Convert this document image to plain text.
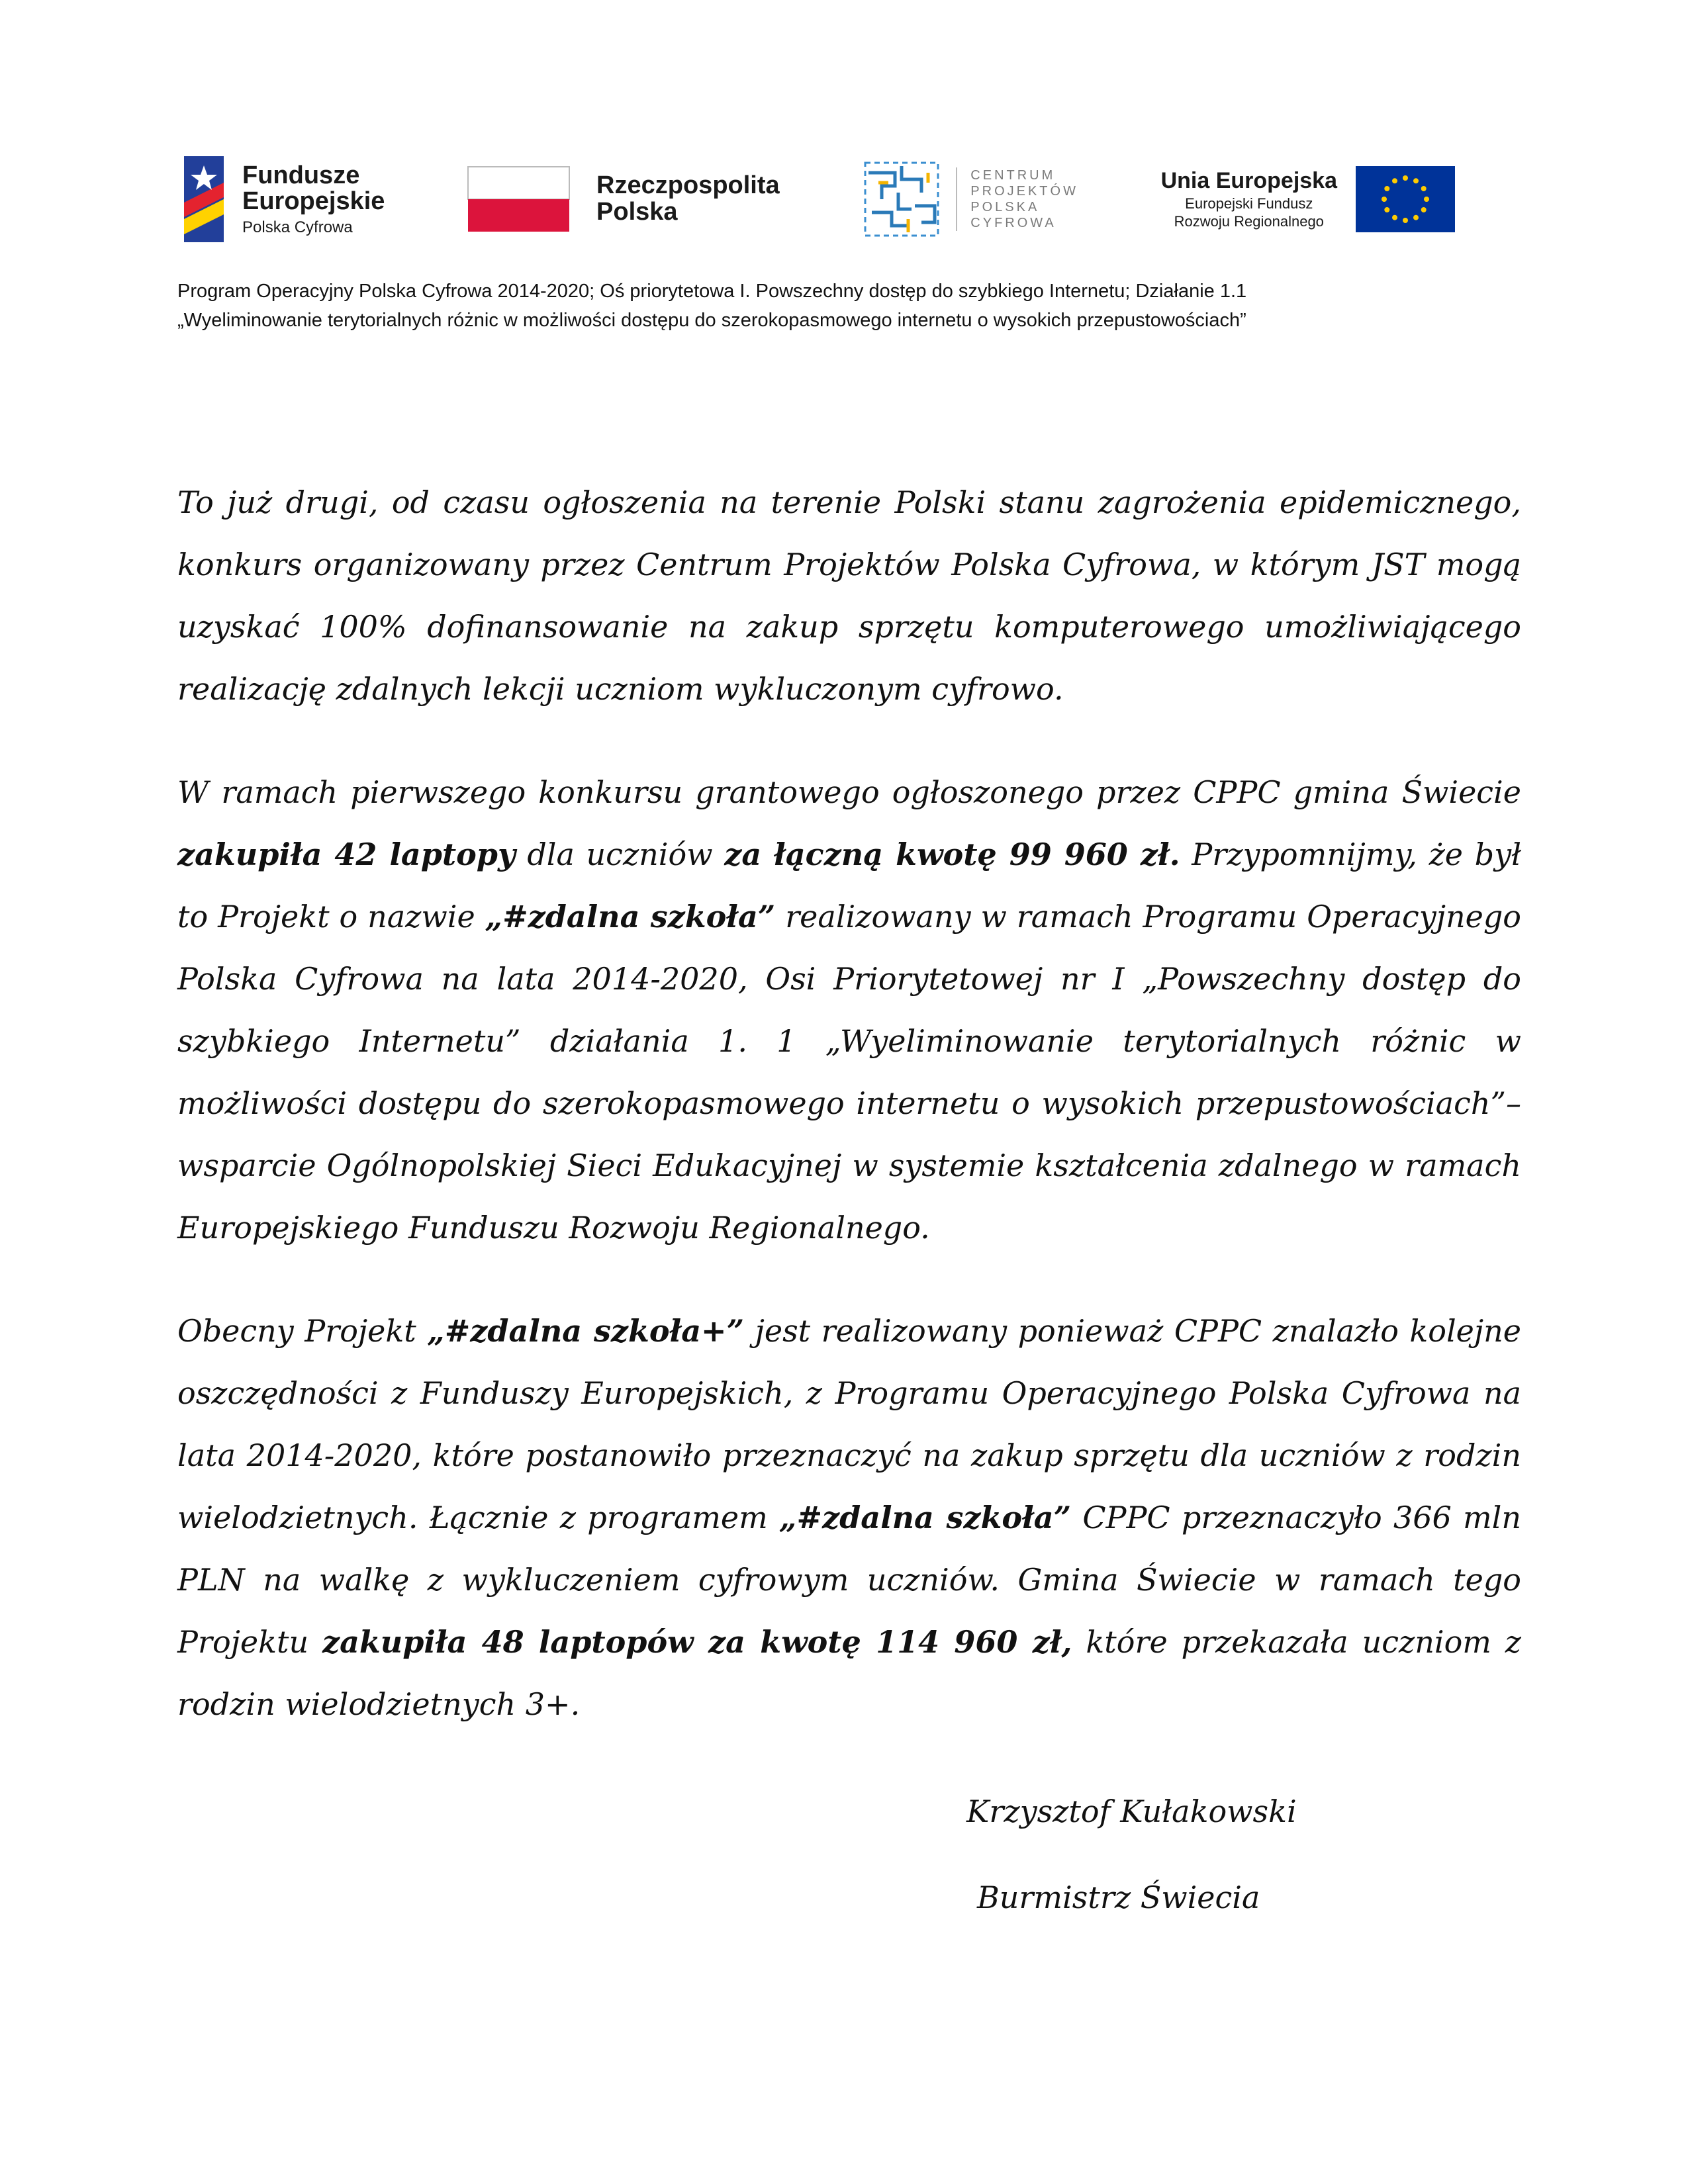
Fundusze
Europejskie
Polska Cyfrowa
Rzeczpospolita
Polska
CENTRUM
PROJEKTÓW
POLSKA
CYFROWA
Unia Europejska
Europejski Fundusz
Rozwoju Regionalnego
Program Operacyjny Polska Cyfrowa 2014-2020; Oś priorytetowa I. Powszechny dostęp do szybkiego Internetu; Działanie 1.1
„Wyeliminowanie terytorialnych różnic w możliwości dostępu do szerokopasmowego internetu o wysokich przepustowościach”

To już drugi, od czasu ogłoszenia na terenie Polski stanu zagrożenia epidemicznego, konkurs organizowany przez Centrum Projektów Polska Cyfrowa, w którym JST mogą uzyskać 100% dofinansowanie na zakup sprzętu komputerowego umożliwiającego realizację zdalnych lekcji uczniom wykluczonym cyfrowo.

W ramach pierwszego konkursu grantowego ogłoszonego przez CPPC gmina Świecie zakupiła 42 laptopy dla uczniów za łączną kwotę 99 960 zł. Przypomnijmy, że był to Projekt o nazwie „#zdalna szkoła” realizowany w ramach Programu Operacyjnego Polska Cyfrowa na lata 2014-2020, Osi Priorytetowej nr I „Powszechny dostęp do szybkiego Internetu” działania 1. 1 „Wyeliminowanie terytorialnych różnic w możliwości dostępu do szerokopasmowego internetu o wysokich przepustowościach”– wsparcie Ogólnopolskiej Sieci Edukacyjnej w systemie kształcenia zdalnego w ramach Europejskiego Funduszu Rozwoju Regionalnego.

Obecny Projekt „#zdalna szkoła+” jest realizowany ponieważ CPPC znalazło kolejne oszczędności z Funduszy Europejskich, z Programu Operacyjnego Polska Cyfrowa na lata 2014-2020, które postanowiło przeznaczyć na zakup sprzętu dla uczniów z rodzin wielodzietnych. Łącznie z programem „#zdalna szkoła” CPPC przeznaczyło 366 mln PLN na walkę z wykluczeniem cyfrowym uczniów. Gmina Świecie w ramach tego Projektu zakupiła 48 laptopów za kwotę 114 960 zł, które przekazała uczniom z rodzin wielodzietnych 3+.

Krzysztof Kułakowski
Burmistrz Świecia
